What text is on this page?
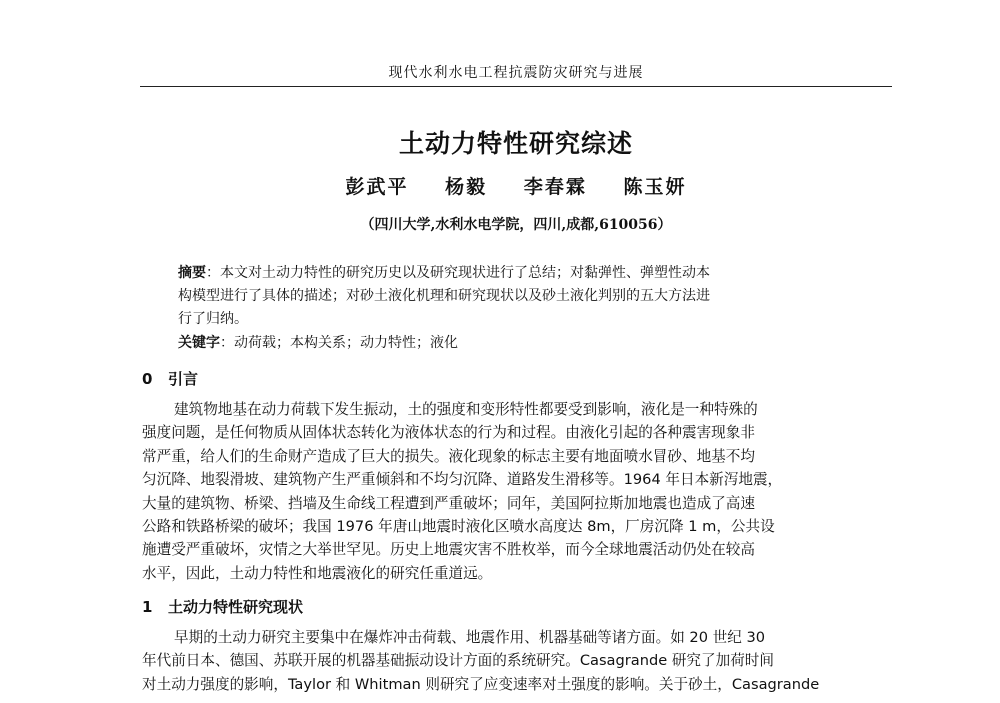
现代水利水电工程抗震防灾研究与进展
土动力特性研究综述
彭武平 杨毅 李春霖 陈玉妍
（四川大学,水利水电学院，四川,成都,610056）
摘要：本文对土动力特性的研究历史以及研究现状进行了总结；对黏弹性、弹塑性动本
构模型进行了具体的描述；对砂土液化机理和研究现状以及砂土液化判别的五大方法进
行了归纳。
关键字：动荷载；本构关系；动力特性；液化
0 引言
建筑物地基在动力荷载下发生振动，土的强度和变形特性都要受到影响，液化是一种特殊的
强度问题，是任何物质从固体状态转化为液体状态的行为和过程。由液化引起的各种震害现象非
常严重，给人们的生命财产造成了巨大的损失。液化现象的标志主要有地面喷水冒砂、地基不均
匀沉降、地裂滑坡、建筑物产生严重倾斜和不均匀沉降、道路发生滑移等。1964 年日本新泻地震，
大量的建筑物、桥梁、挡墙及生命线工程遭到严重破坏；同年，美国阿拉斯加地震也造成了高速
公路和铁路桥梁的破坏；我国 1976 年唐山地震时液化区喷水高度达 8m，厂房沉降 1 m，公共设
施遭受严重破坏，灾情之大举世罕见。历史上地震灾害不胜枚举，而今全球地震活动仍处在较高
水平，因此，土动力特性和地震液化的研究任重道远。
1 土动力特性研究现状
早期的土动力研究主要集中在爆炸冲击荷载、地震作用、机器基础等诸方面。如 20 世纪 30
年代前日本、德国、苏联开展的机器基础振动设计方面的系统研究。Casagrande 研究了加荷时间
对土动力强度的影响，Taylor 和 Whitman 则研究了应变速率对土强度的影响。关于砂土，Casagrande
